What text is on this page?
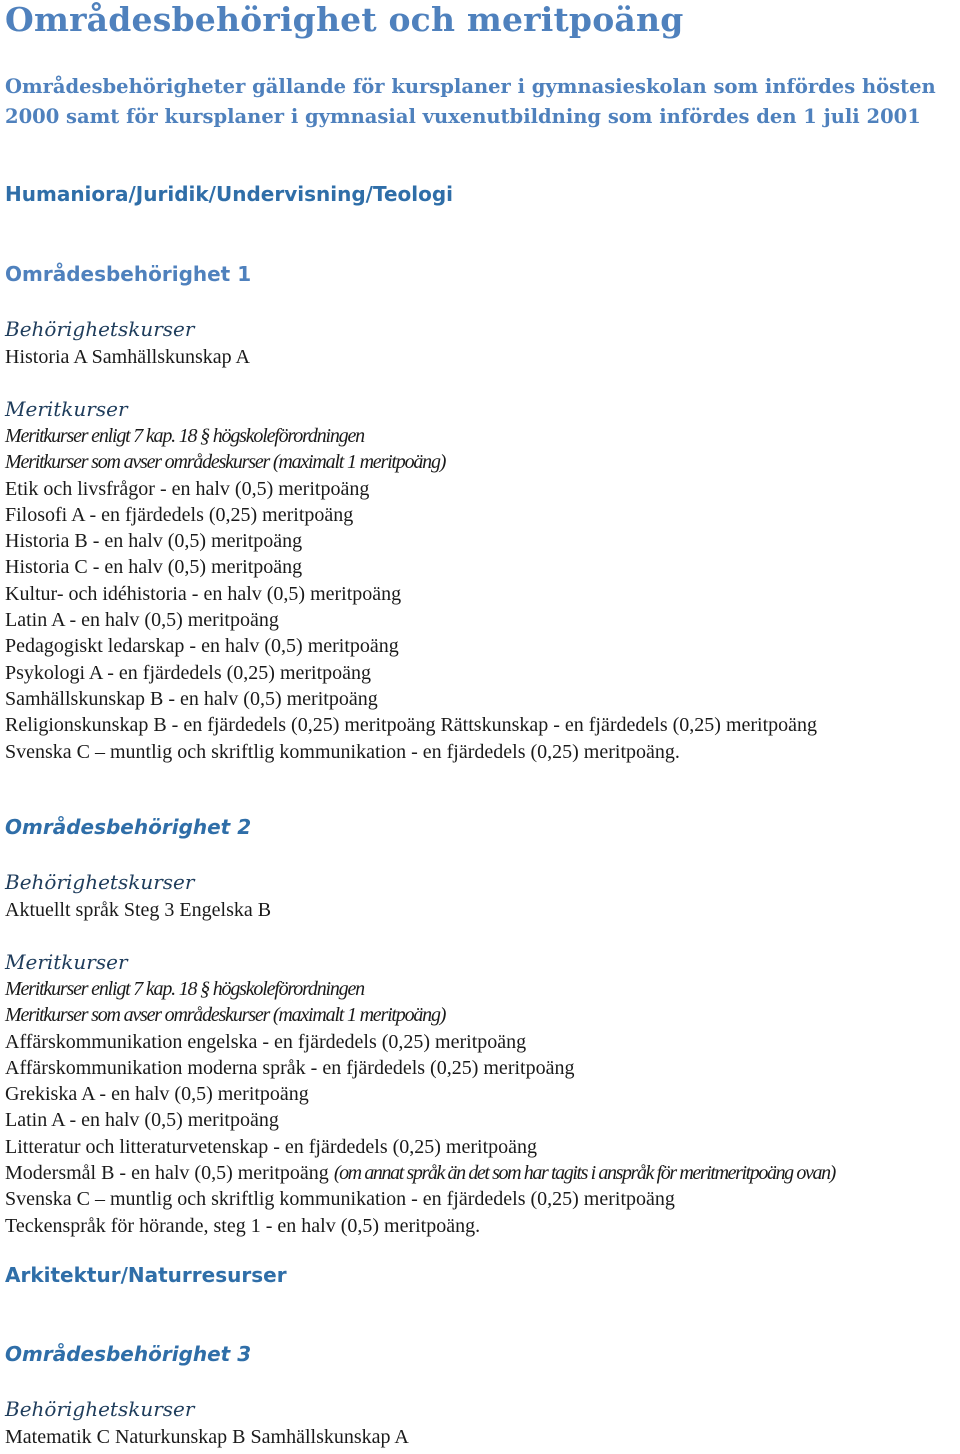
Områdesbehörighet och meritpoäng
Områdesbehörigheter gällande för kursplaner i gymnasieskolan som infördes hösten 2000 samt för kursplaner i gymnasial vuxenutbildning som infördes den 1 juli 2001
Humaniora/Juridik/Undervisning/Teologi
Områdesbehörighet 1
Behörighetskurser
Historia A Samhällskunskap A
Meritkurser
Meritkurser enligt 7 kap. 18 § högskoleförordningen
Meritkurser som avser områdeskurser (maximalt 1 meritpoäng)
Etik och livsfrågor - en halv (0,5) meritpoäng
Filosofi A - en fjärdedels (0,25) meritpoäng
Historia B - en halv (0,5) meritpoäng
Historia C - en halv (0,5) meritpoäng
Kultur- och idéhistoria - en halv (0,5) meritpoäng
Latin A - en halv (0,5) meritpoäng
Pedagogiskt ledarskap - en halv (0,5) meritpoäng
Psykologi A - en fjärdedels (0,25) meritpoäng
Samhällskunskap B - en halv (0,5) meritpoäng
Religionskunskap B - en fjärdedels (0,25) meritpoäng Rättskunskap - en fjärdedels (0,25) meritpoäng
Svenska C – muntlig och skriftlig kommunikation - en fjärdedels (0,25) meritpoäng.
Områdesbehörighet 2
Behörighetskurser
Aktuellt språk Steg 3 Engelska B
Meritkurser
Meritkurser enligt 7 kap. 18 § högskoleförordningen
Meritkurser som avser områdeskurser (maximalt 1 meritpoäng)
Affärskommunikation engelska - en fjärdedels (0,25) meritpoäng
Affärskommunikation moderna språk - en fjärdedels (0,25) meritpoäng
Grekiska A - en halv (0,5) meritpoäng
Latin A - en halv (0,5) meritpoäng
Litteratur och litteraturvetenskap - en fjärdedels (0,25) meritpoäng
Modersmål B - en halv (0,5) meritpoäng (om annat språk än det som har tagits i anspråk för meritmeritpoäng ovan)
Svenska C – muntlig och skriftlig kommunikation - en fjärdedels (0,25) meritpoäng
Teckenspråk för hörande, steg 1 - en halv (0,5) meritpoäng.
Arkitektur/Naturresurser
Områdesbehörighet 3
Behörighetskurser
Matematik C Naturkunskap B Samhällskunskap A
